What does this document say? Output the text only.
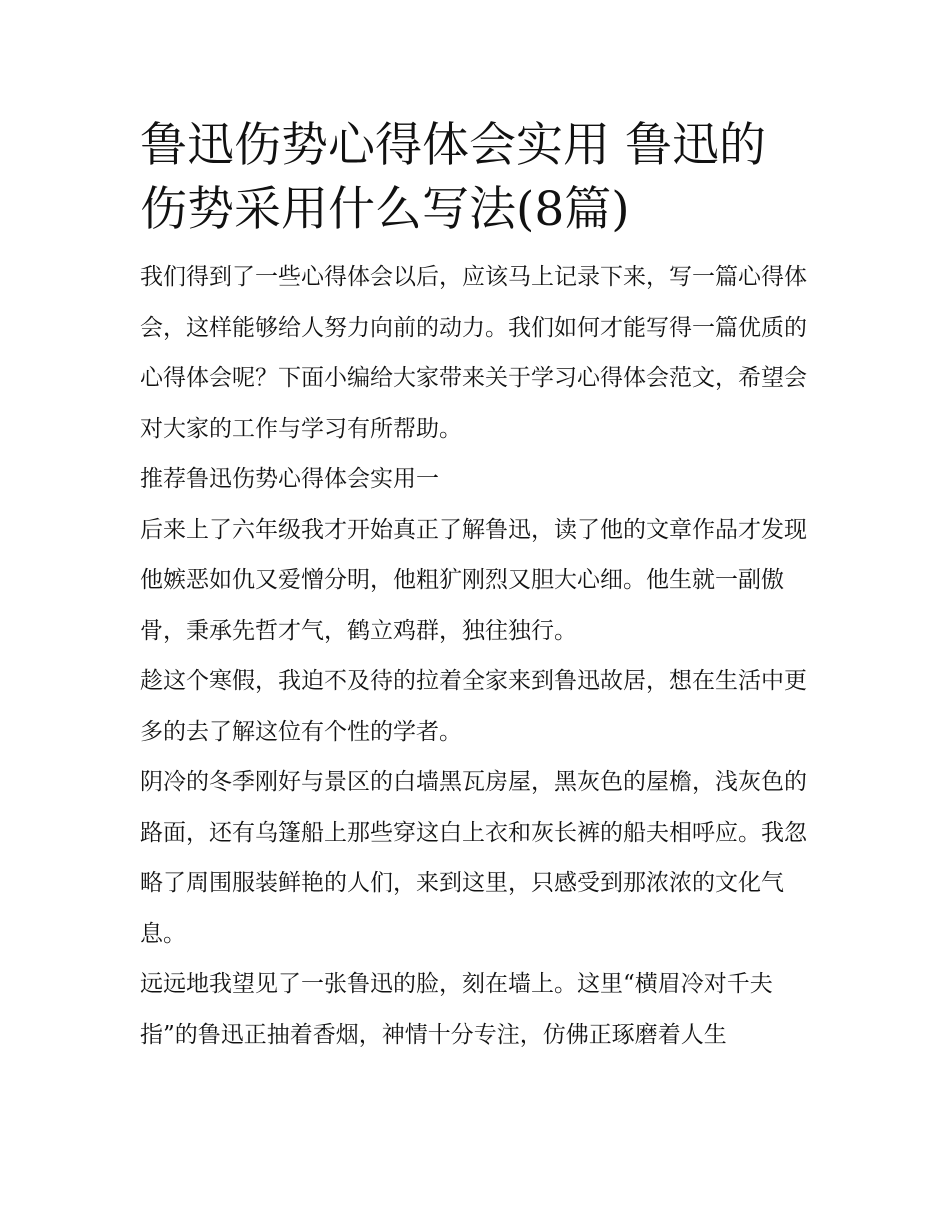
鲁迅伤势心得体会实用 鲁迅的伤势采用什么写法(8篇)

我们得到了一些心得体会以后，应该马上记录下来，写一篇心得体会，这样能够给人努力向前的动力。我们如何才能写得一篇优质的心得体会呢？下面小编给大家带来关于学习心得体会范文，希望会对大家的工作与学习有所帮助。

推荐鲁迅伤势心得体会实用一

后来上了六年级我才开始真正了解鲁迅，读了他的文章作品才发现他嫉恶如仇又爱憎分明，他粗犷刚烈又胆大心细。他生就一副傲骨，秉承先哲才气，鹤立鸡群，独往独行。

趁这个寒假，我迫不及待的拉着全家来到鲁迅故居，想在生活中更多的去了解这位有个性的学者。

阴冷的冬季刚好与景区的白墙黑瓦房屋，黑灰色的屋檐，浅灰色的路面，还有乌篷船上那些穿这白上衣和灰长裤的船夫相呼应。我忽略了周围服装鲜艳的人们，来到这里，只感受到那浓浓的文化气息。

远远地我望见了一张鲁迅的脸，刻在墙上。这里“横眉冷对千夫指”的鲁迅正抽着香烟，神情十分专注，仿佛正琢磨着人生
